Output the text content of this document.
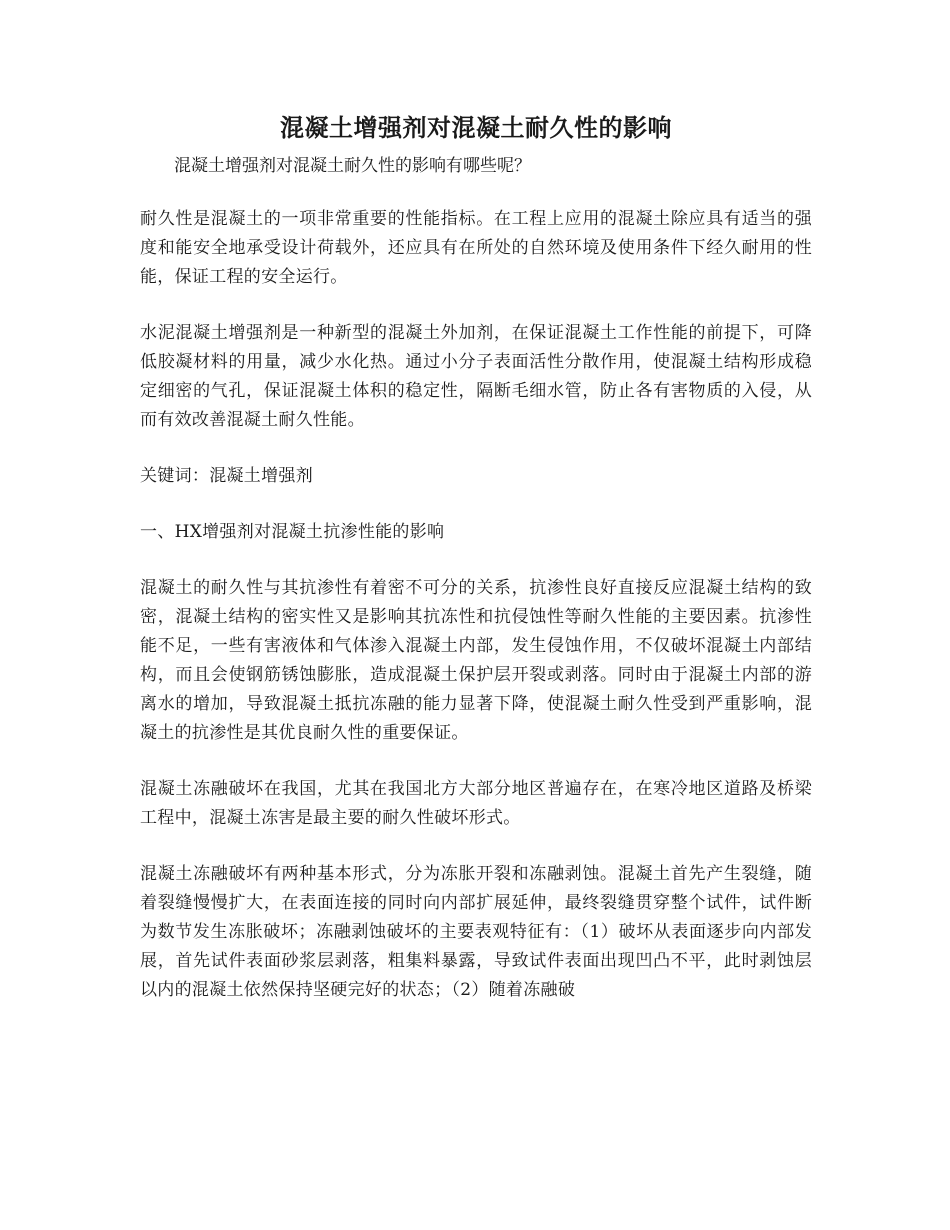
混凝土增强剂对混凝土耐久性的影响

混凝土增强剂对混凝土耐久性的影响有哪些呢？

耐久性是混凝土的一项非常重要的性能指标。在工程上应用的混凝土除应具有适当的强度和能安全地承受设计荷载外，还应具有在所处的自然环境及使用条件下经久耐用的性能，保证工程的安全运行。

水泥混凝土增强剂是一种新型的混凝土外加剂，在保证混凝土工作性能的前提下，可降低胶凝材料的用量，减少水化热。通过小分子表面活性分散作用，使混凝土结构形成稳定细密的气孔，保证混凝土体积的稳定性，隔断毛细水管，防止各有害物质的入侵，从而有效改善混凝土耐久性能。

关键词：混凝土增强剂

一、HX增强剂对混凝土抗渗性能的影响

混凝土的耐久性与其抗渗性有着密不可分的关系，抗渗性良好直接反应混凝土结构的致密，混凝土结构的密实性又是影响其抗冻性和抗侵蚀性等耐久性能的主要因素。抗渗性能不足，一些有害液体和气体渗入混凝土内部，发生侵蚀作用，不仅破坏混凝土内部结构，而且会使钢筋锈蚀膨胀，造成混凝土保护层开裂或剥落。同时由于混凝土内部的游离水的增加，导致混凝土抵抗冻融的能力显著下降，使混凝土耐久性受到严重影响，混凝土的抗渗性是其优良耐久性的重要保证。

混凝土冻融破坏在我国，尤其在我国北方大部分地区普遍存在，在寒冷地区道路及桥梁工程中，混凝土冻害是最主要的耐久性破坏形式。

混凝土冻融破坏有两种基本形式，分为冻胀开裂和冻融剥蚀。混凝土首先产生裂缝，随着裂缝慢慢扩大，在表面连接的同时向内部扩展延伸，最终裂缝贯穿整个试件，试件断为数节发生冻胀破坏；冻融剥蚀破坏的主要表观特征有：（1）破坏从表面逐步向内部发展，首先试件表面砂浆层剥落，粗集料暴露，导致试件表面出现凹凸不平，此时剥蚀层以内的混凝土依然保持坚硬完好的状态；（2）随着冻融破
